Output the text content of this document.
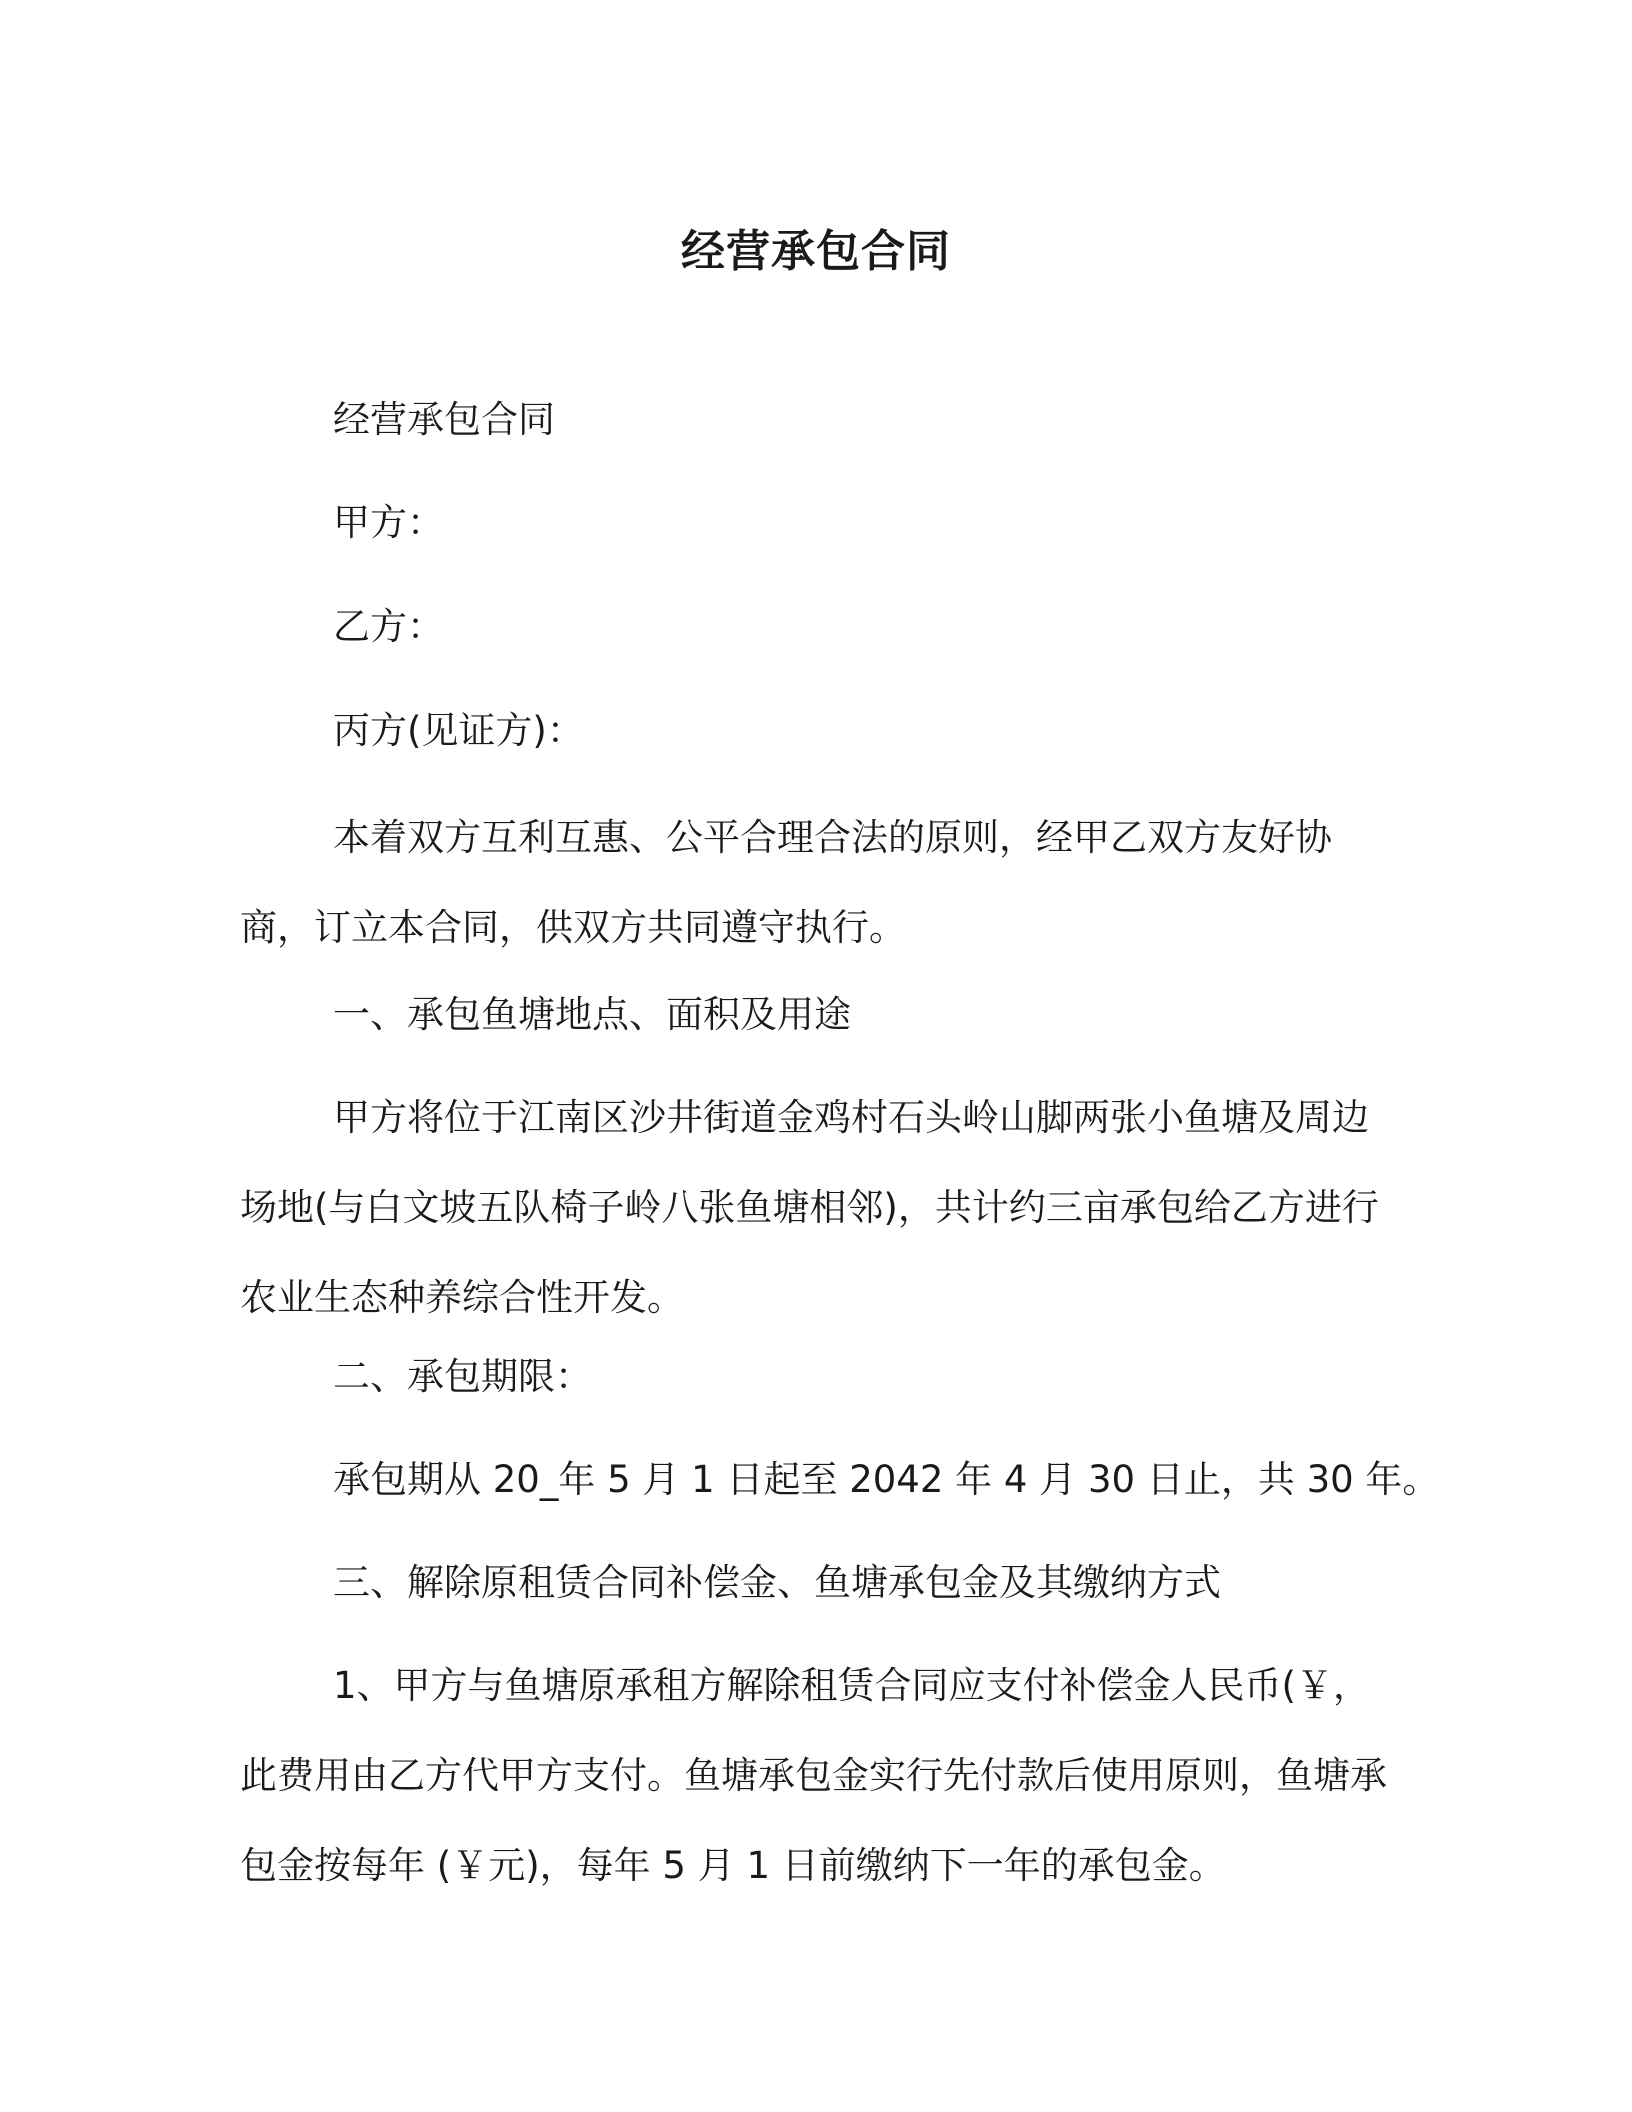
经营承包合同

经营承包合同

甲方：

乙方：

丙方(见证方)：

本着双方互利互惠、公平合理合法的原则，经甲乙双方友好协商，订立本合同，供双方共同遵守执行。

一、承包鱼塘地点、面积及用途

甲方将位于江南区沙井街道金鸡村石头岭山脚两张小鱼塘及周边场地(与白文坡五队椅子岭八张鱼塘相邻)，共计约三亩承包给乙方进行农业生态种养综合性开发。

二、承包期限：

承包期从 20_年 5 月 1 日起至 2042 年 4 月 30 日止，共 30 年。

三、解除原租赁合同补偿金、鱼塘承包金及其缴纳方式

1、甲方与鱼塘原承租方解除租赁合同应支付补偿金人民币(￥，此费用由乙方代甲方支付。鱼塘承包金实行先付款后使用原则，鱼塘承包金按每年 (￥元)，每年 5 月 1 日前缴纳下一年的承包金。
